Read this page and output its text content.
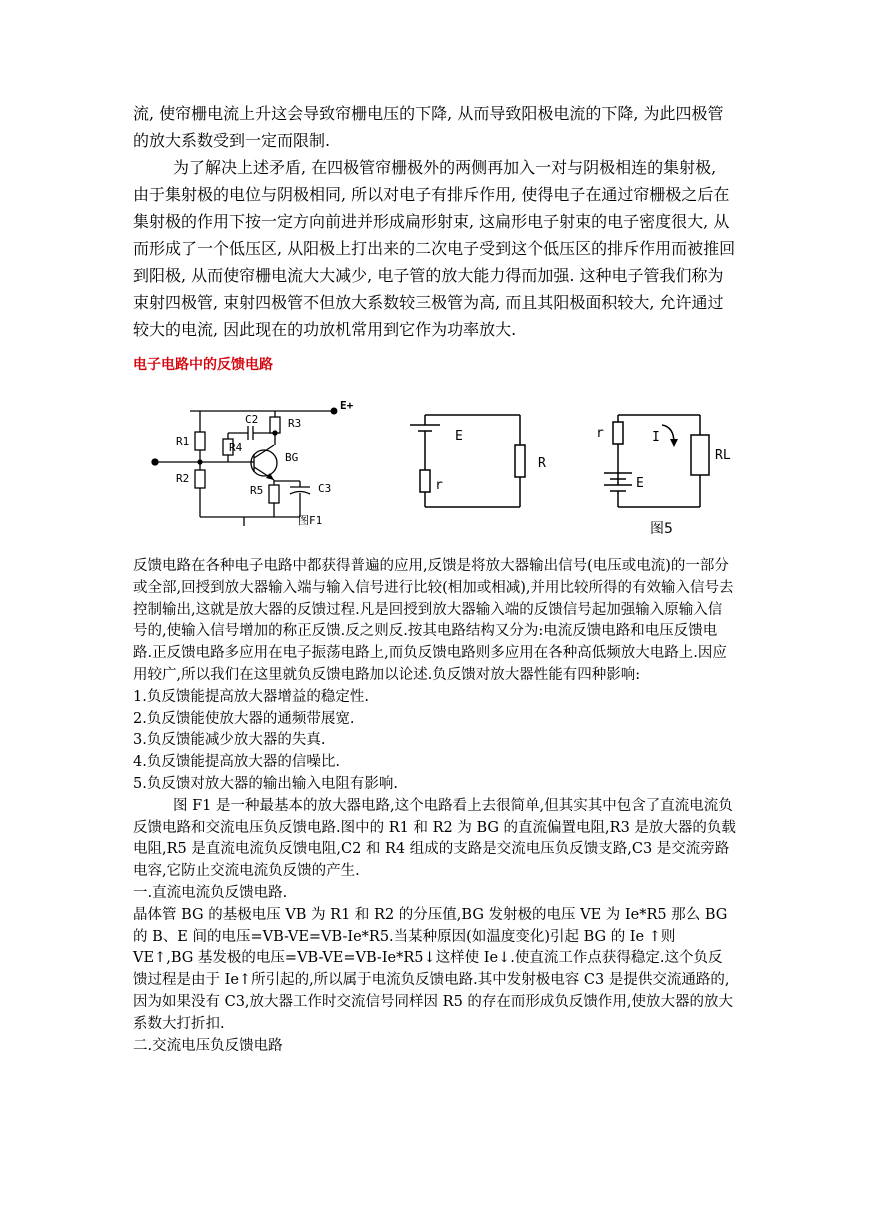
流, 使帘栅电流上升这会导致帘栅电压的下降, 从而导致阳极电流的下降, 为此四极管的放大系数受到一定而限制.

为了解决上述矛盾, 在四极管帘栅极外的两侧再加入一对与阴极相连的集射极, 由于集射极的电位与阴极相同, 所以对电子有排斥作用, 使得电子在通过帘栅极之后在集射极的作用下按一定方向前进并形成扁形射束, 这扁形电子射束的电子密度很大, 从而形成了一个低压区, 从阳极上打出来的二次电子受到这个低压区的排斥作用而被推回到阳极, 从而使帘栅电流大大减少, 电子管的放大能力得而加强. 这种电子管我们称为束射四极管, 束射四极管不但放大系数较三极管为高, 而且其阳极面积较大, 允许通过较大的电流, 因此现在的功放机常用到它作为功率放大.

电子电路中的反馈电路
E+
R1
R2
R3
R4
R5
C2
C3
BG
图F1
E
r
R
r	I
RL
E
图5

反馈电路在各种电子电路中都获得普遍的应用,反馈是将放大器输出信号(电压或电流)的一部分或全部,回授到放大器输入端与输入信号进行比较(相加或相减),并用比较所得的有效输入信号去控制输出,这就是放大器的反馈过程.凡是回授到放大器输入端的反馈信号起加强输入原输入信号的,使输入信号增加的称正反馈.反之则反.按其电路结构又分为:电流反馈电路和电压反馈电路.正反馈电路多应用在电子振荡电路上,而负反馈电路则多应用在各种高低频放大电路上.因应用较广,所以我们在这里就负反馈电路加以论述.负反馈对放大器性能有四种影响:

1.负反馈能提高放大器增益的稳定性.

2.负反馈能使放大器的通频带展宽.

3.负反馈能减少放大器的失真.

4.负反馈能提高放大器的信噪比.

5.负反馈对放大器的输出输入电阻有影响.

图 F1 是一种最基本的放大器电路,这个电路看上去很简单,但其实其中包含了直流电流负反馈电路和交流电压负反馈电路.图中的 R1 和 R2 为 BG 的直流偏置电阻,R3 是放大器的负载电阻,R5 是直流电流负反馈电阻,C2 和 R4 组成的支路是交流电压负反馈支路,C3 是交流旁路电容,它防止交流电流负反馈的产生.

一.直流电流负反馈电路.

晶体管 BG 的基极电压 VB 为 R1 和 R2 的分压值,BG 发射极的电压 VE 为 Ie*R5 那么 BG 的 B、E 间的电压=VB-VE=VB-Ie*R5.当某种原因(如温度变化)引起 BG 的 Ie ↑则 VE↑,BG 基发极的电压=VB-VE=VB-Ie*R5↓这样使 Ie↓.使直流工作点获得稳定.这个负反馈过程是由于 Ie↑所引起的,所以属于电流负反馈电路.其中发射极电容 C3 是提供交流通路的,因为如果没有 C3,放大器工作时交流信号同样因 R5 的存在而形成负反馈作用,使放大器的放大系数大打折扣.

二.交流电压负反馈电路
